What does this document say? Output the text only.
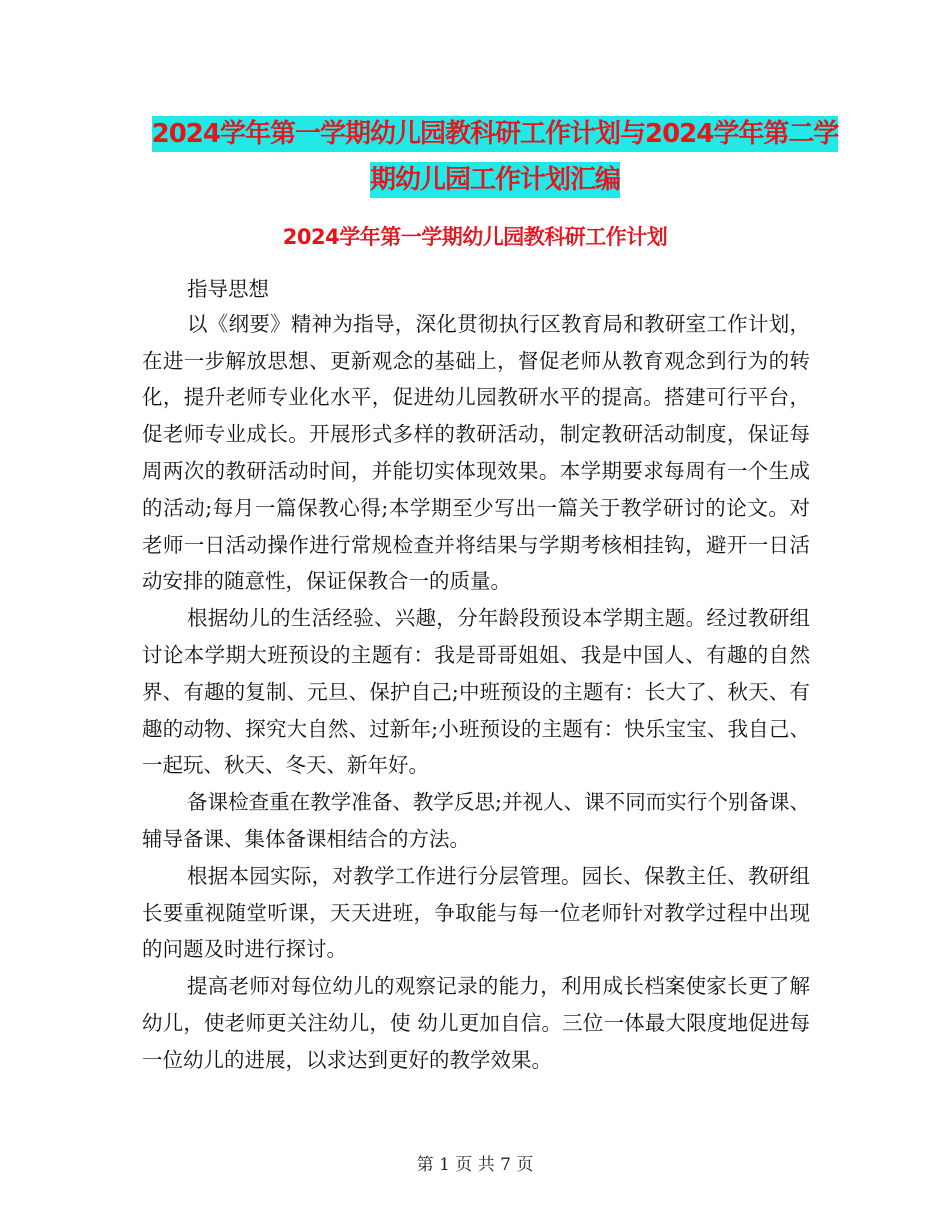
2024学年第一学期幼儿园教科研工作计划与2024学年第二学期幼儿园工作计划汇编
2024学年第一学期幼儿园教科研工作计划

指导思想

以《纲要》精神为指导，深化贯彻执行区教育局和教研室工作计划，在进一步解放思想、更新观念的基础上，督促老师从教育观念到行为的转化，提升老师专业化水平，促进幼儿园教研水平的提高。搭建可行平台，促老师专业成长。开展形式多样的教研活动，制定教研活动制度，保证每周两次的教研活动时间，并能切实体现效果。本学期要求每周有一个生成的活动;每月一篇保教心得;本学期至少写出一篇关于教学研讨的论文。对老师一日活动操作进行常规检查并将结果与学期考核相挂钩，避开一日活动安排的随意性，保证保教合一的质量。

根据幼儿的生活经验、兴趣，分年龄段预设本学期主题。经过教研组讨论本学期大班预设的主题有：我是哥哥姐姐、我是中国人、有趣的自然界、有趣的复制、元旦、保护自己;中班预设的主题有：长大了、秋天、有趣的动物、探究大自然、过新年;小班预设的主题有：快乐宝宝、我自己、一起玩、秋天、冬天、新年好。

备课检查重在教学准备、教学反思;并视人、课不同而实行个别备课、辅导备课、集体备课相结合的方法。

根据本园实际，对教学工作进行分层管理。园长、保教主任、教研组长要重视随堂听课，天天进班，争取能与每一位老师针对教学过程中出现的问题及时进行探讨。

提高老师对每位幼儿的观察记录的能力，利用成长档案使家长更了解幼儿，使老师更关注幼儿，使 幼儿更加自信。三位一体最大限度地促进每一位幼儿的进展，以求达到更好的教学效果。

第 1 页 共 7 页
